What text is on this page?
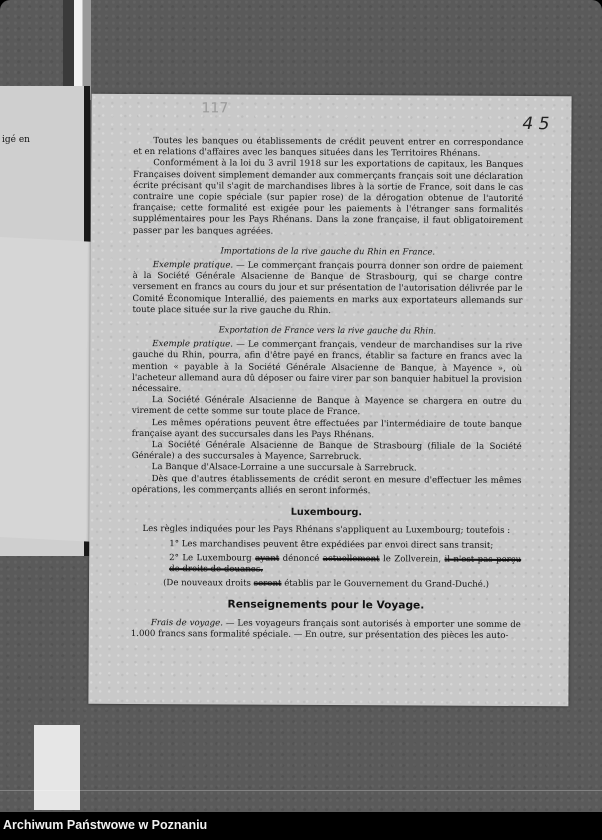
igé en
117
4 5

Toutes les banques ou établissements de crédit peuvent entrer en correspondance et en relations d'affaires avec les banques situées dans les Territoires Rhénans.

Conformément à la loi du 3 avril 1918 sur les exportations de capitaux, les Banques Françaises doivent simplement demander aux commerçants français soit une déclaration écrite précisant qu'il s'agit de marchandises libres à la sortie de France, soit dans le cas contraire une copie spéciale (sur papier rose) de la dérogation obtenue de l'autorité française; cette formalité est exigée pour les paiements à l'étranger sans formalités supplémentaires pour les Pays Rhénans. Dans la zone française, il faut obligatoirement passer par les banques agréées.

Importations de la rive gauche du Rhin en France.

Exemple pratique. — Le commerçant français pourra donner son ordre de paiement à la Société Générale Alsacienne de Banque de Strasbourg, qui se charge contre versement en francs au cours du jour et sur présentation de l'autorisation délivrée par le Comité Économique Interallié, des paiements en marks aux exportateurs allemands sur toute place située sur la rive gauche du Rhin.

Exportation de France vers la rive gauche du Rhin.

Exemple pratique. — Le commerçant français, vendeur de marchandises sur la rive gauche du Rhin, pourra, afin d'être payé en francs, établir sa facture en francs avec la mention « payable à la Société Générale Alsacienne de Banque, à Mayence », où l'acheteur allemand aura dû déposer ou faire virer par son banquier habituel la provision nécessaire.

La Société Générale Alsacienne de Banque à Mayence se chargera en outre du virement de cette somme sur toute place de France.

Les mêmes opérations peuvent être effectuées par l'intermédiaire de toute banque française ayant des succursales dans les Pays Rhénans.

La Société Générale Alsacienne de Banque de Strasbourg (filiale de la Société Générale) a des succursales à Mayence, Sarrebruck.

La Banque d'Alsace-Lorraine a une succursale à Sarrebruck.

Dès que d'autres établissements de crédit seront en mesure d'effectuer les mêmes opérations, les commerçants alliés en seront informés.

Luxembourg.

Les règles indiquées pour les Pays Rhénans s'appliquent au Luxembourg; toutefois :

1° Les marchandises peuvent être expédiées par envoi direct sans transit;

2° Le Luxembourg ayant dénoncé actuellement le Zollverein, il n'est pas perçu de droits de douanes.

(De nouveaux droits seront établis par le Gouvernement du Grand-Duché.)

Renseignements pour le Voyage.

Frais de voyage. — Les voyageurs français sont autorisés à emporter une somme de 1.000 francs sans formalité spéciale. — En outre, sur présentation des pièces les auto-

Archiwum Państwowe w Poznaniu
